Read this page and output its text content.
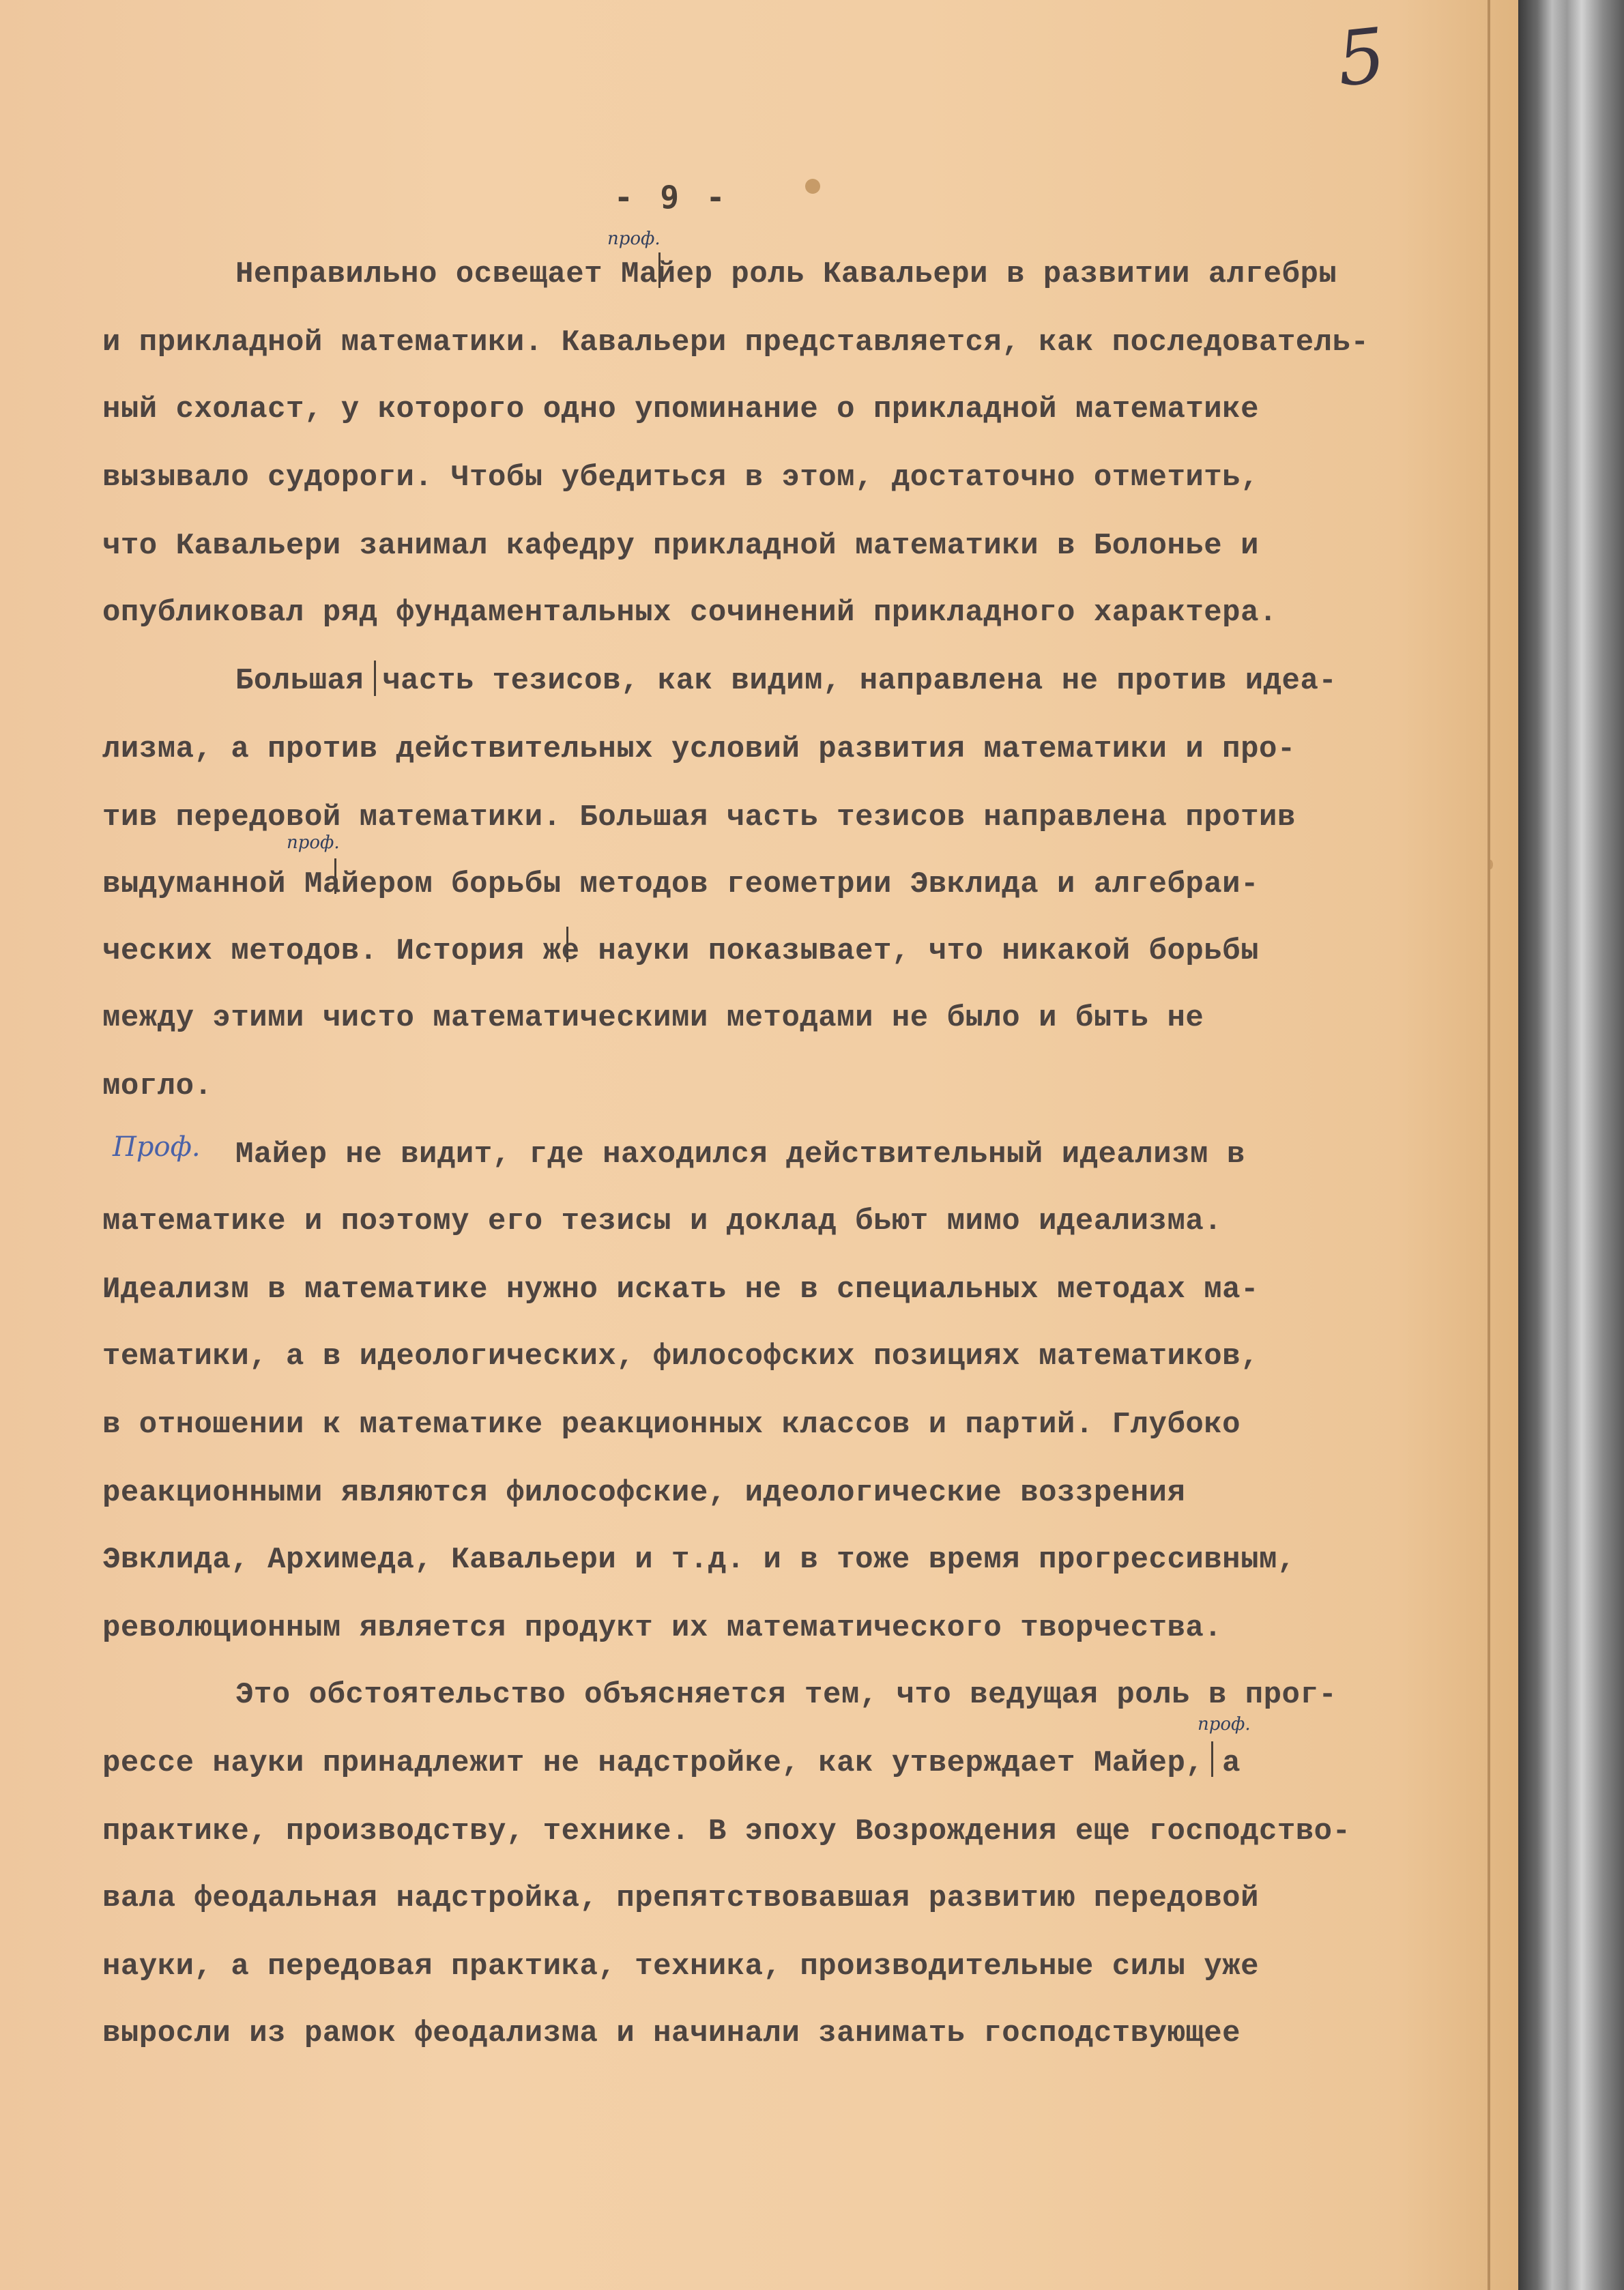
5
- 9 -
проф.
проф.
Проф.
проф.
Неправильно освещает Майер роль Кавальери в развитии алгебры
и прикладной математики. Кавальери представляется, как последователь-
ный схоласт, у которого одно упоминание о прикладной математике
вызывало судороги. Чтобы убедиться в этом, достаточно отметить,
что Кавальери занимал кафедру прикладной математики в Болонье и
опубликовал ряд фундаментальных сочинений прикладного характера.
Большая часть тезисов, как видим, направлена не против идеа-
лизма, а против действительных условий развития математики и про-
тив передовой математики. Большая часть тезисов направлена против
выдуманной Майером борьбы методов геометрии Эвклида и алгебраи-
ческих методов. История же науки показывает, что никакой борьбы
между этими чисто математическими методами не было и быть не
могло.
Майер не видит, где находился действительный идеализм в
математике и поэтому его тезисы и доклад бьют мимо идеализма.
Идеализм в математике нужно искать не в специальных методах ма-
тематики, а в идеологических, философских позициях математиков,
в отношении к математике реакционных классов и партий. Глубоко
реакционными являются философские, идеологические воззрения
Эвклида, Архимеда, Кавальери и т.д. и в тоже время прогрессивным,
революционным является продукт их математического творчества.
Это обстоятельство объясняется тем, что ведущая роль в прог-
рессе науки принадлежит не надстройке, как утверждает Майер, а
практике, производству, технике. В эпоху Возрождения еще господство-
вала феодальная надстройка, препятствовавшая развитию передовой
науки, а передовая практика, техника, производительные силы уже
выросли из рамок феодализма и начинали занимать господствующее
